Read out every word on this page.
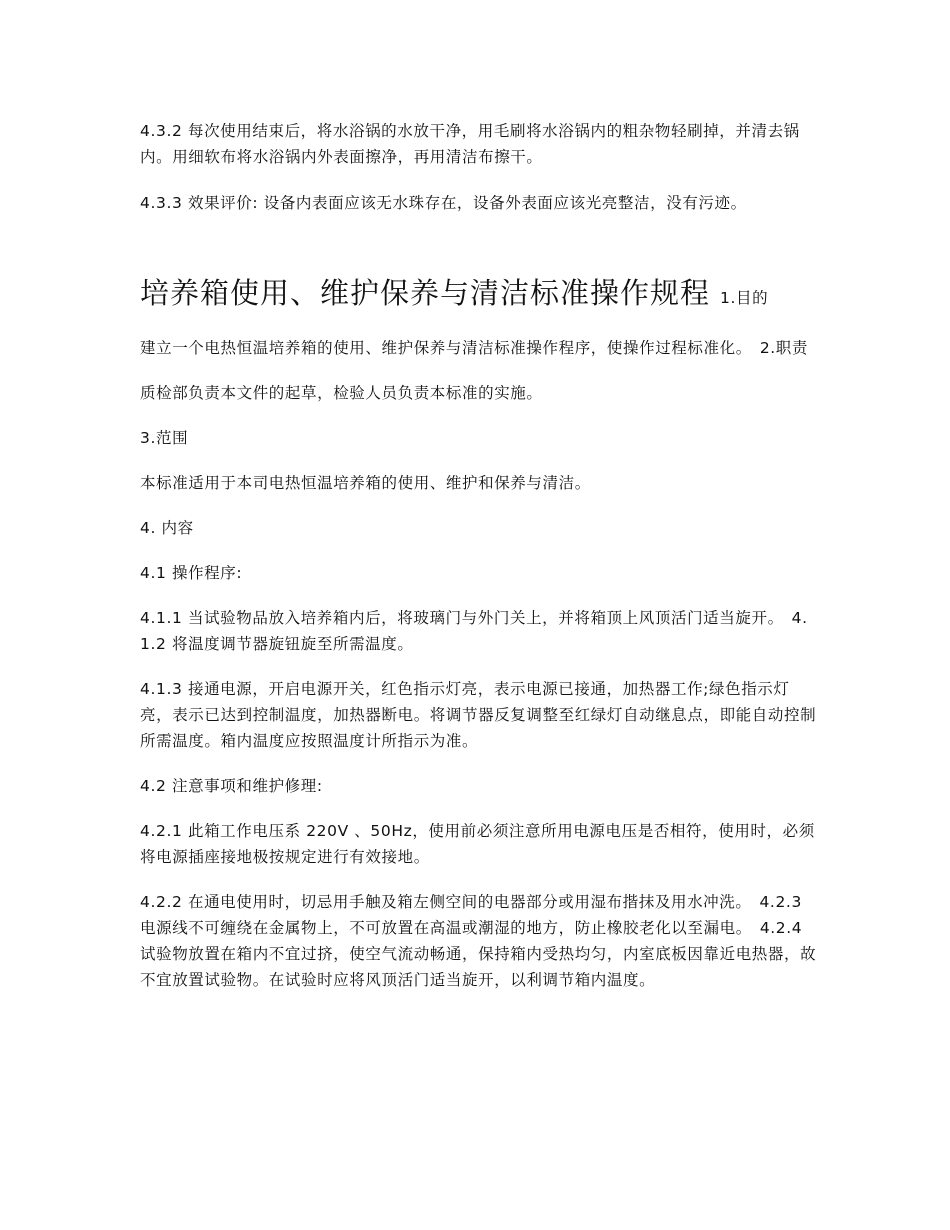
4.3.2 每次使用结束后，将水浴锅的水放干净，用毛刷将水浴锅内的粗杂物轻刷掉，并清去锅内。用细软布将水浴锅内外表面擦净，再用清洁布擦干。

4.3.3 效果评价: 设备内表面应该无水珠存在，设备外表面应该光亮整洁，没有污迹。

培养箱使用、维护保养与清洁标准操作规程 1.目的

建立一个电热恒温培养箱的使用、维护保养与清洁标准操作程序，使操作过程标准化。 2.职责

质检部负责本文件的起草，检验人员负责本标准的实施。

3.范围

本标准适用于本司电热恒温培养箱的使用、维护和保养与清洁。

4. 内容

4.1 操作程序:

4.1.1 当试验物品放入培养箱内后，将玻璃门与外门关上，并将箱顶上风顶活门适当旋开。 4.1.2 将温度调节器旋钮旋至所需温度。

4.1.3 接通电源，开启电源开关，红色指示灯亮，表示电源已接通，加热器工作;绿色指示灯亮，表示已达到控制温度，加热器断电。将调节器反复调整至红绿灯自动继息点，即能自动控制所需温度。箱内温度应按照温度计所指示为准。

4.2 注意事项和维护修理:

4.2.1 此箱工作电压系 220V 、50Hz，使用前必须注意所用电源电压是否相符，使用时，必须将电源插座接地极按规定进行有效接地。

4.2.2 在通电使用时，切忌用手触及箱左侧空间的电器部分或用湿布揩抹及用水冲洗。 4.2.3 电源线不可缠绕在金属物上，不可放置在高温或潮湿的地方，防止橡胶老化以至漏电。 4.2.4 试验物放置在箱内不宜过挤，使空气流动畅通，保持箱内受热均匀，内室底板因靠近电热器，故不宜放置试验物。在试验时应将风顶活门适当旋开，以利调节箱内温度。
